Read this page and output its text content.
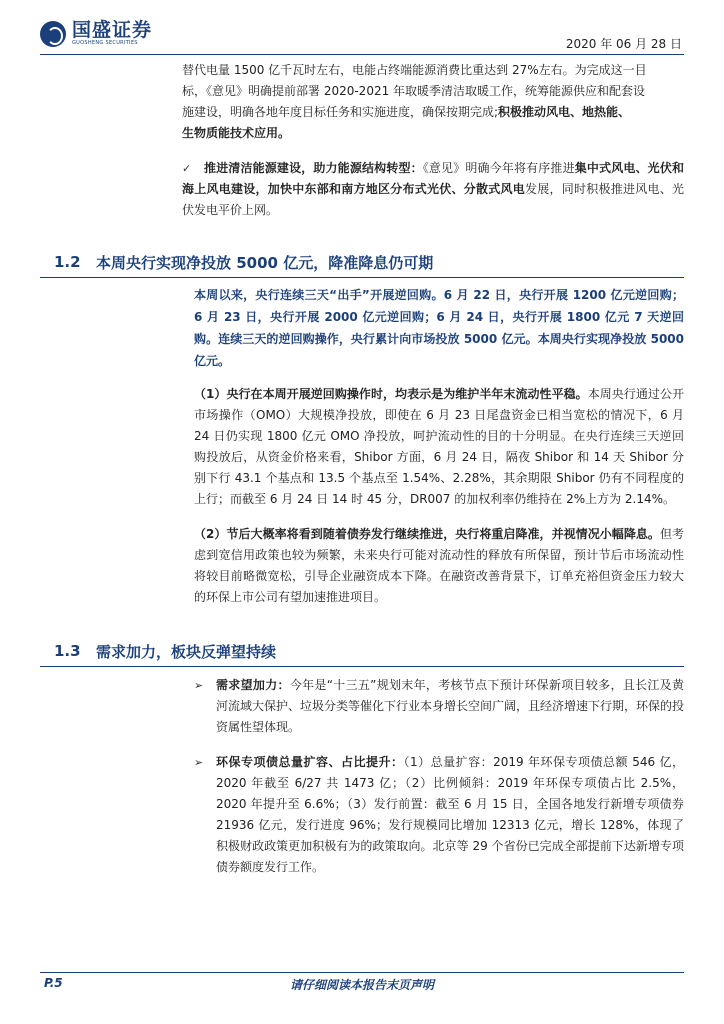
国盛证券
GUOSHENG SECURITIES	2020 年 06 月 28 日

替代电量 1500 亿千瓦时左右，电能占终端能源消费比重达到 27%左右。为完成这一目

标，《意见》明确提前部署 2020-2021 年取暖季清洁取暖工作，统筹能源供应和配套设

施建设，明确各地年度目标任务和实施进度，确保按期完成;积极推动风电、地热能、

生物质能技术应用。

✓	推进清洁能源建设，助力能源结构转型：《意见》明确今年将有序推进集中式风电、光伏和海上风电建设，加快中东部和南方地区分布式光伏、分散式风电发展，同时积极推进风电、光伏发电平价上网。

1.2	本周央行实现净投放 5000 亿元，降准降息仍可期

本周以来，央行连续三天“出手”开展逆回购。6 月 22 日，央行开展 1200 亿元逆回购； 6 月 23 日，央行开展 2000 亿元逆回购；6 月 24 日，央行开展 1800 亿元 7 天逆回购。连续三天的逆回购操作，央行累计向市场投放 5000 亿元。本周央行实现净投放 5000 亿元。

（1）央行在本周开展逆回购操作时，均表示是为维护半年末流动性平稳。本周央行通过公开市场操作（OMO）大规模净投放，即使在 6 月 23 日尾盘资金已相当宽松的情况下，6 月 24 日仍实现 1800 亿元 OMO 净投放，呵护流动性的目的十分明显。在央行连续三天逆回购投放后，从资金价格来看，Shibor 方面，6 月 24 日，隔夜 Shibor 和 14 天 Shibor 分别下行 43.1 个基点和 13.5 个基点至 1.54%、2.28%，其余期限 Shibor 仍有不同程度的上行；而截至 6 月 24 日 14 时 45 分，DR007 的加权利率仍维持在 2%上方为 2.14%。

（2）节后大概率将看到随着债券发行继续推进，央行将重启降准，并视情况小幅降息。但考虑到宽信用政策也较为频繁，未来央行可能对流动性的释放有所保留，预计节后市场流动性将较目前略微宽松，引导企业融资成本下降。在融资改善背景下，订单充裕但资金压力较大的环保上市公司有望加速推进项目。

1.3	需求加力，板块反弹望持续
➢	需求望加力：今年是“十三五”规划末年，考核节点下预计环保新项目较多，且长江及黄河流域大保护、垃圾分类等催化下行业本身增长空间广阔，且经济增速下行期，环保的投资属性望体现。

➢	环保专项债总量扩容、占比提升：（1）总量扩容：2019 年环保专项债总额 546 亿，2020 年截至 6/27 共 1473 亿；（2）比例倾斜：2019 年环保专项债占比 2.5%，2020 年提升至 6.6%；（3）发行前置：截至 6 月 15 日，全国各地发行新增专项债券 21936 亿元，发行进度 96%；发行规模同比增加 12313 亿元，增长 128%，体现了积极财政政策更加积极有为的政策取向。北京等 29 个省份已完成全部提前下达新增专项债券额度发行工作。

P.5	请仔细阅读本报告末页声明
